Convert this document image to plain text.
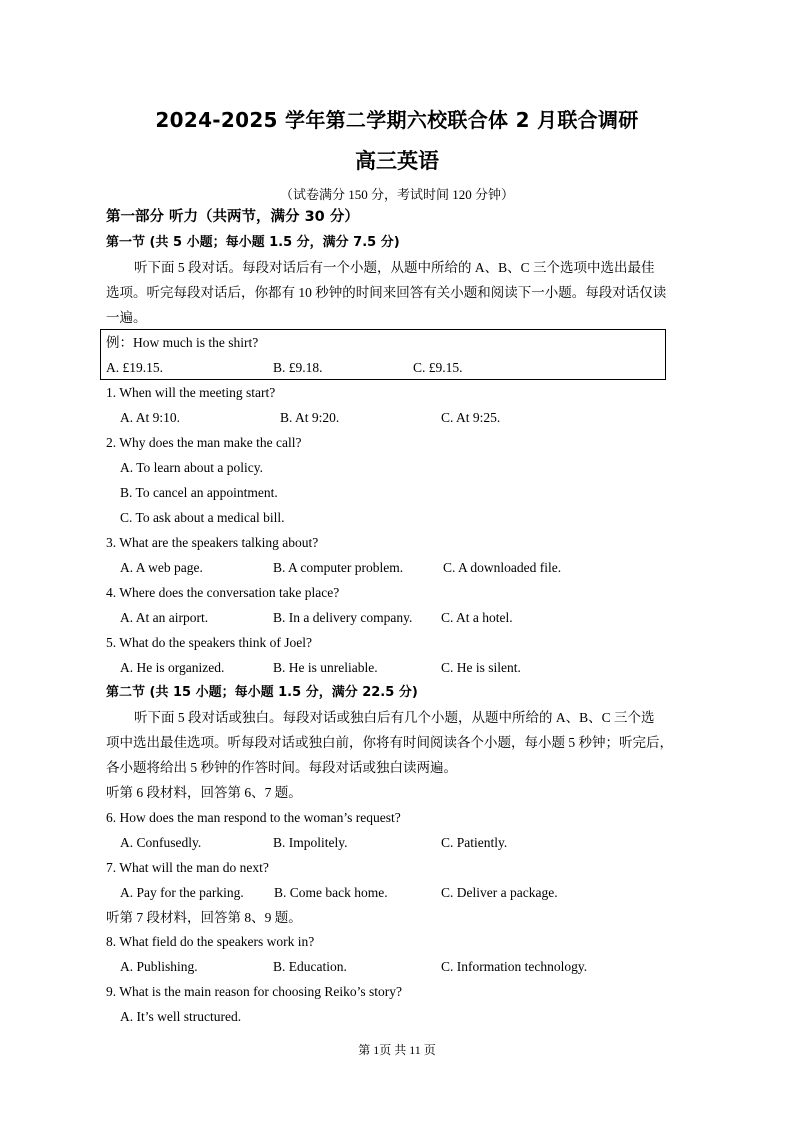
2024-2025 学年第二学期六校联合体 2 月联合调研
高三英语
（试卷满分 150 分，考试时间 120 分钟）
第一部分 听力（共两节，满分 30 分）
第一节 (共 5 小题；每小题 1.5 分，满分 7.5 分)
听下面 5 段对话。每段对话后有一个小题，从题中所给的 A、B、C 三个选项中选出最佳
选项。听完每段对话后，你都有 10 秒钟的时间来回答有关小题和阅读下一小题。每段对话仅读
一遍。
例：How much is the shirt?
A. £19.15.	B. £9.18.	C. £9.15.
1. When will the meeting start?
A. At 9:10.	B. At 9:20.	C. At 9:25.
2. Why does the man make the call?
A. To learn about a policy.
B. To cancel an appointment.
C. To ask about a medical bill.
3. What are the speakers talking about?
A. A web page.	B. A computer problem.	C. A downloaded file.
4. Where does the conversation take place?
A. At an airport.	B. In a delivery company. C. At a hotel.
5. What do the speakers think of Joel?
A. He is organized.	B. He is unreliable.	C. He is silent.
第二节 (共 15 小题；每小题 1.5 分，满分 22.5 分)
听下面 5 段对话或独白。每段对话或独白后有几个小题，从题中所给的 A、B、C 三个选
项中选出最佳选项。听每段对话或独白前，你将有时间阅读各个小题，每小题 5 秒钟；听完后，
各小题将给出 5 秒钟的作答时间。每段对话或独白读两遍。
听第 6 段材料，回答第 6、7 题。
6. How does the man respond to the woman’s request?
A. Confusedly.	B. Impolitely.	C. Patiently.
7. What will the man do next?
A. Pay for the parking. B. Come back home.	C. Deliver a package.
听第 7 段材料，回答第 8、9 题。
8. What field do the speakers work in?
A. Publishing.	B. Education.	C. Information technology.
9. What is the main reason for choosing Reiko’s story?
A. It’s well structured.
第 1页 共 11 页
